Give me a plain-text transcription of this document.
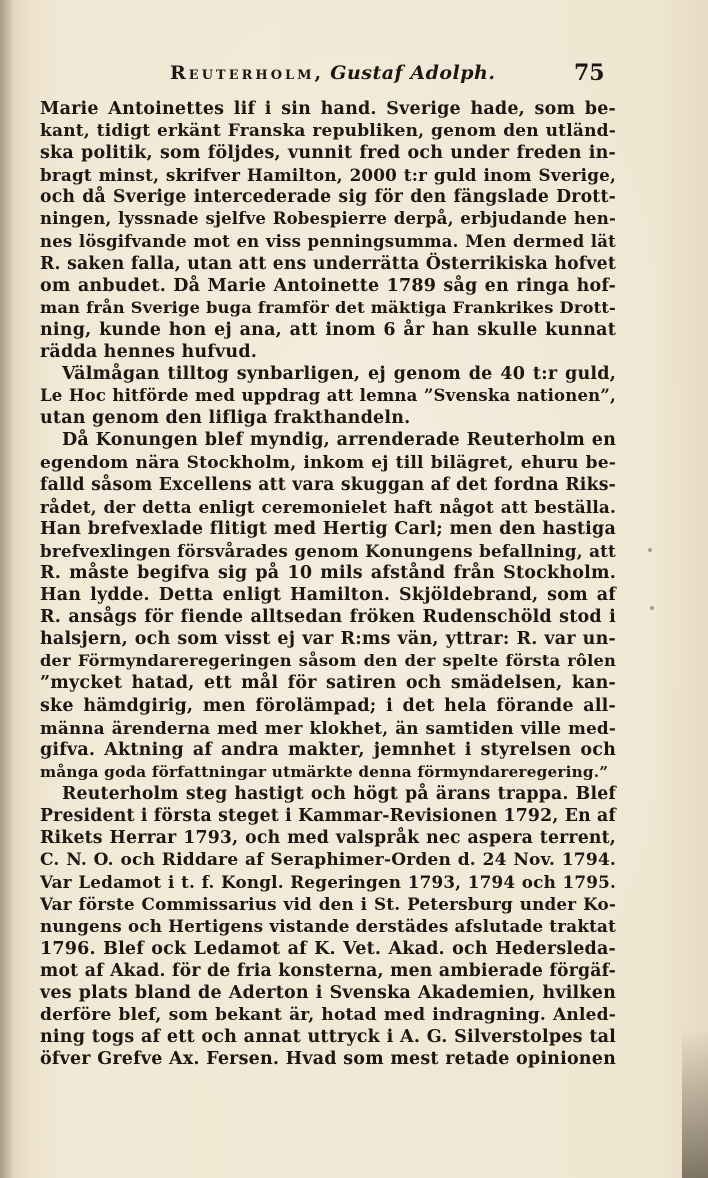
Reuterholm, Gustaf Adolph.	75
Marie Antoinettes lif i sin hand. Sverige hade, som be-
kant, tidigt erkänt Franska republiken, genom den utländ-
ska politik, som följdes, vunnit fred och under freden in-
bragt minst, skrifver Hamilton, 2000 t:r guld inom Sverige,
och då Sverige intercederade sig för den fängslade Drott-
ningen, lyssnade sjelfve Robespierre derpå, erbjudande hen-
nes lösgifvande mot en viss penningsumma. Men dermed lät
R. saken falla, utan att ens underrätta Österrikiska hofvet
om anbudet. Då Marie Antoinette 1789 såg en ringa hof-
man från Sverige buga framför det mäktiga Frankrikes Drott-
ning, kunde hon ej ana, att inom 6 år han skulle kunnat
rädda hennes hufvud.
Välmågan tilltog synbarligen, ej genom de 40 t:r guld,
Le Hoc hitförde med uppdrag att lemna ”Svenska nationen”,
utan genom den lifliga frakthandeln.
Då Konungen blef myndig, arrenderade Reuterholm en
egendom nära Stockholm, inkom ej till bilägret, ehuru be-
falld såsom Excellens att vara skuggan af det fordna Riks-
rådet, der detta enligt ceremonielet haft något att beställa.
Han brefvexlade flitigt med Hertig Carl; men den hastiga
brefvexlingen försvårades genom Konungens befallning, att
R. måste begifva sig på 10 mils afstånd från Stockholm.
Han lydde. Detta enligt Hamilton. Skjöldebrand, som af
R. ansågs för fiende alltsedan fröken Rudenschöld stod i
halsjern, och som visst ej var R:ms vän, yttrar: R. var un-
der Förmyndareregeringen såsom den der spelte första rôlen
”mycket hatad, ett mål för satiren och smädelsen, kan-
ske hämdgirig, men förolämpad; i det hela förande all-
männa ärenderna med mer klokhet, än samtiden ville med-
gifva. Aktning af andra makter, jemnhet i styrelsen och
många goda författningar utmärkte denna förmyndareregering.”
Reuterholm steg hastigt och högt på ärans trappa. Blef
President i första steget i Kammar-Revisionen 1792, En af
Rikets Herrar 1793, och med valspråk nec aspera terrent,
C. N. O. och Riddare af Seraphimer-Orden d. 24 Nov. 1794.
Var Ledamot i t. f. Kongl. Regeringen 1793, 1794 och 1795.
Var förste Commissarius vid den i St. Petersburg under Ko-
nungens och Hertigens vistande derstädes afslutade traktat
1796. Blef ock Ledamot af K. Vet. Akad. och Hedersleda-
mot af Akad. för de fria konsterna, men ambierade förgäf-
ves plats bland de Aderton i Svenska Akademien, hvilken
derföre blef, som bekant är, hotad med indragning. Anled-
ning togs af ett och annat uttryck i A. G. Silverstolpes tal
öfver Grefve Ax. Fersen. Hvad som mest retade opinionen
